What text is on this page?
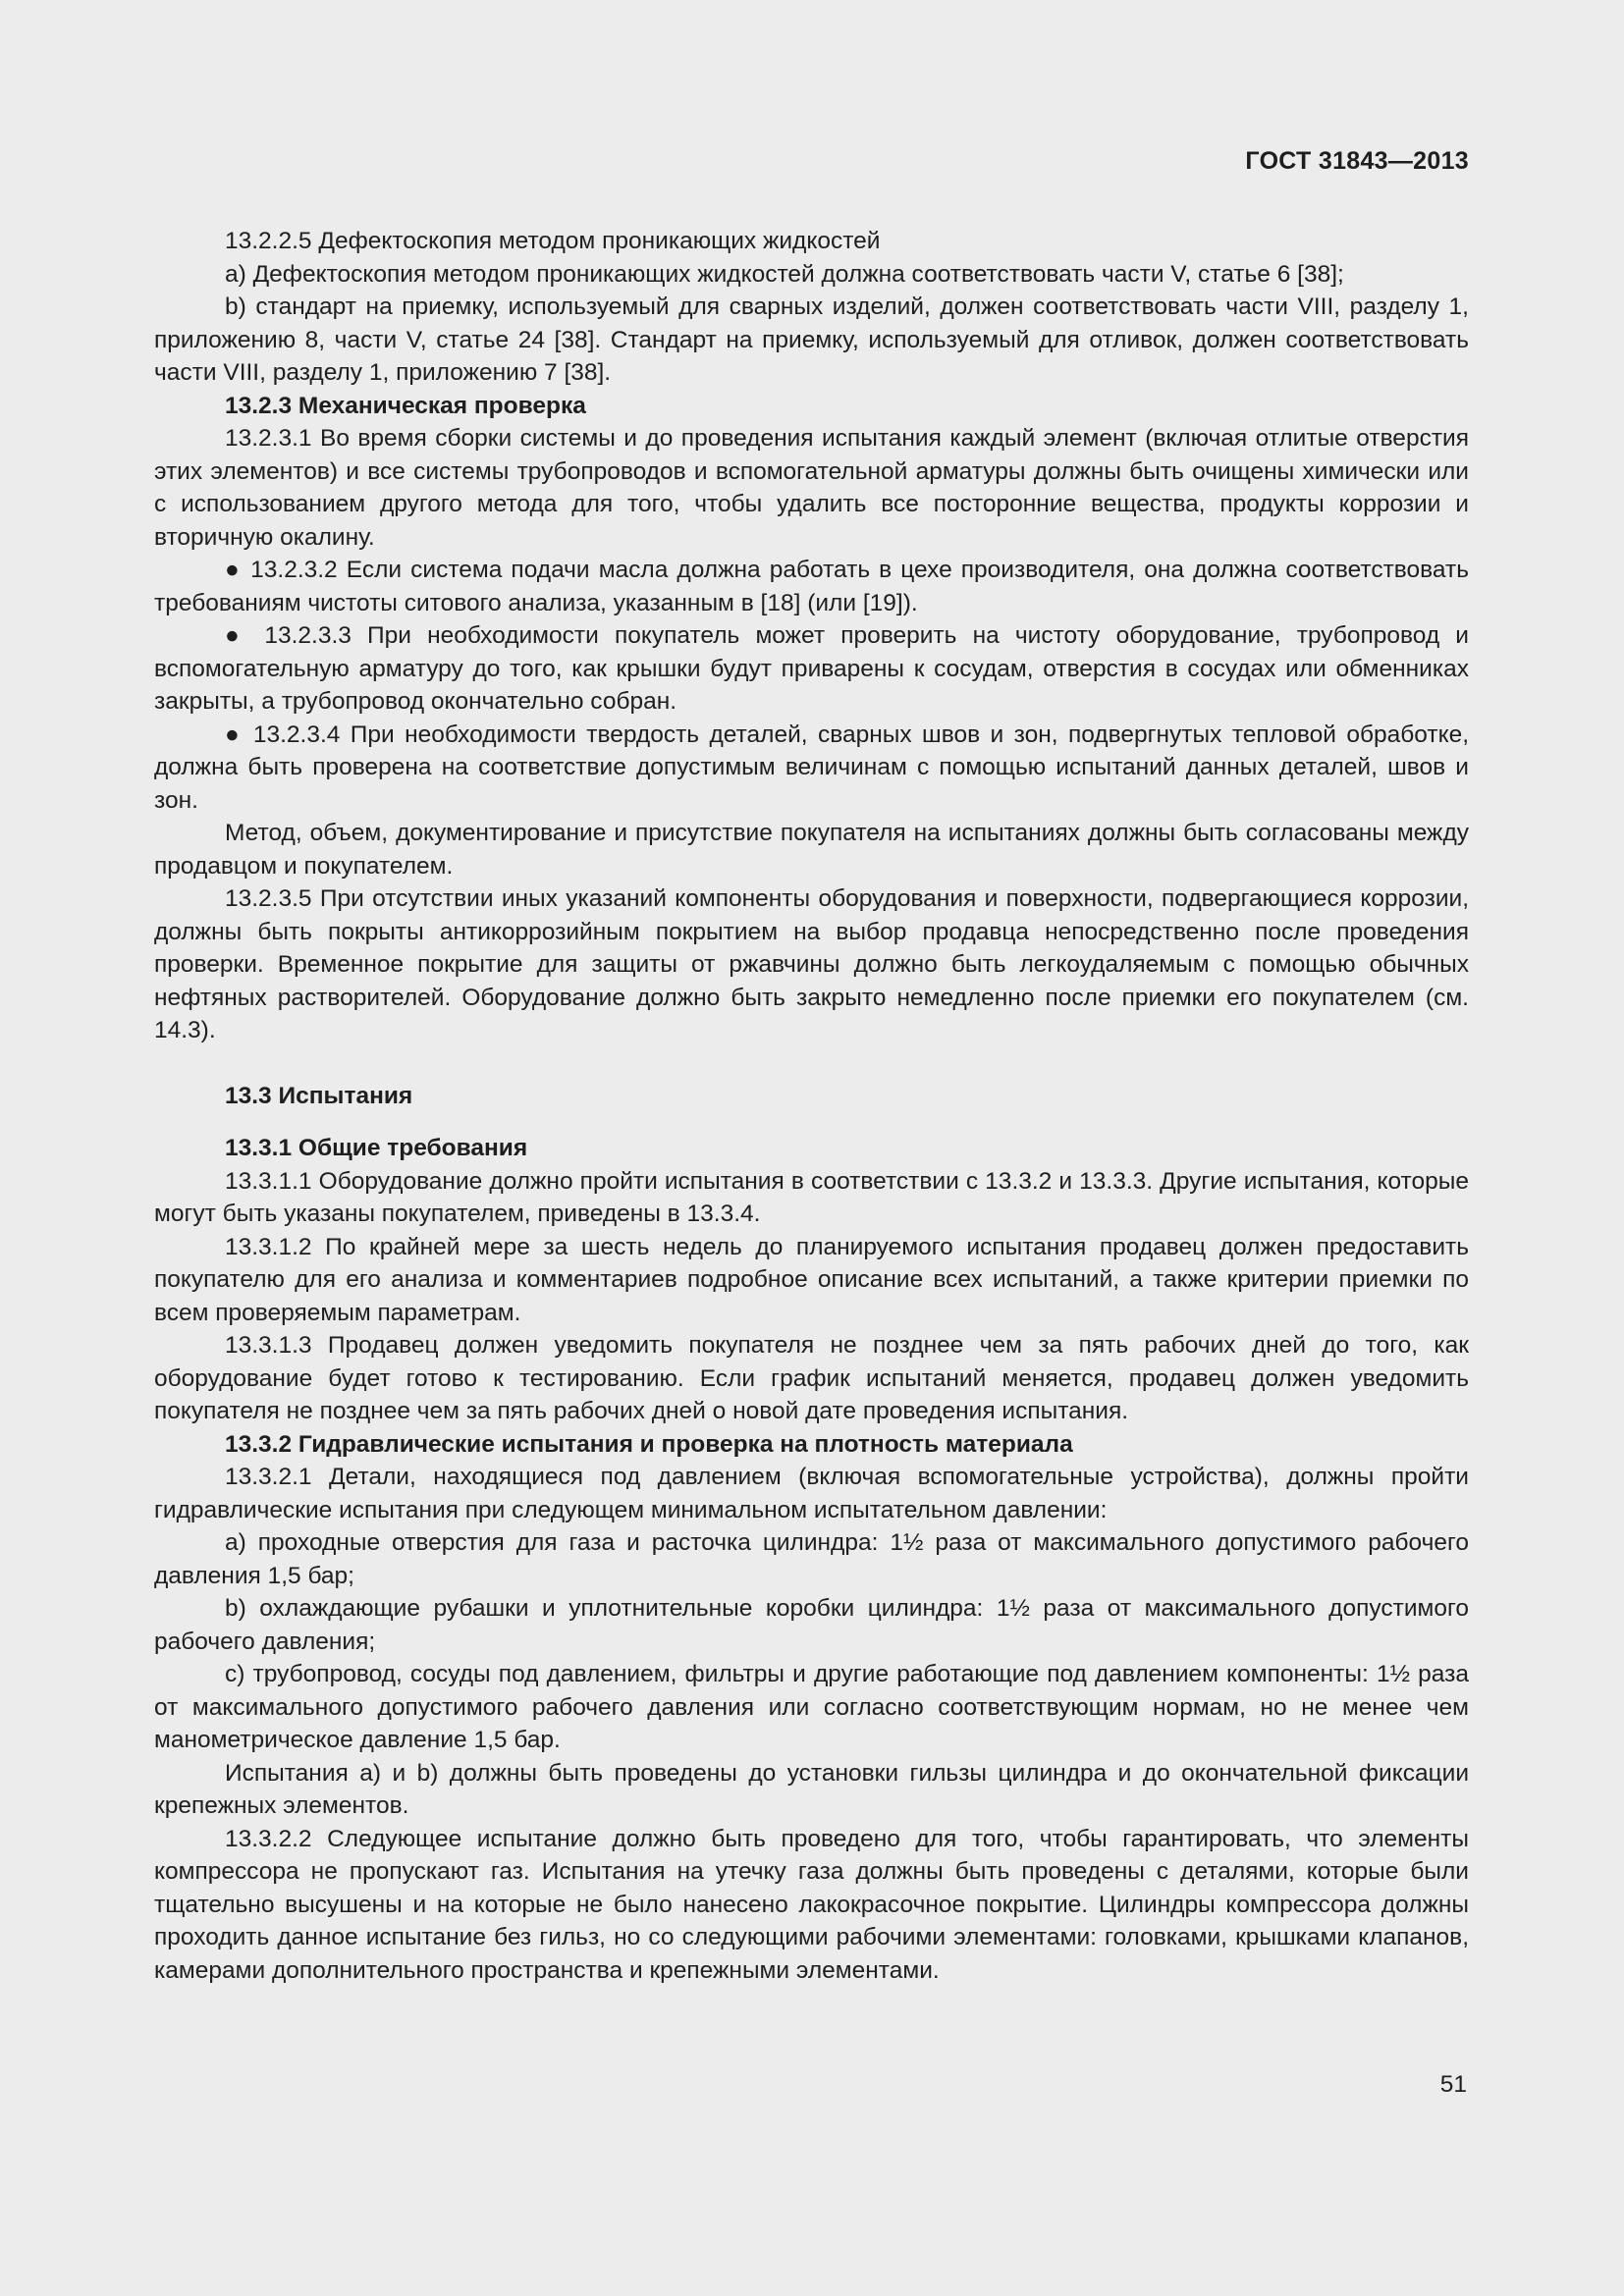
ГОСТ 31843—2013

13.2.2.5 Дефектоскопия методом проникающих жидкостей

a) Дефектоскопия методом проникающих жидкостей должна соответствовать части V, статье 6 [38];

b) стандарт на приемку, используемый для сварных изделий, должен соответствовать части VIII, разделу 1, приложению 8, части V, статье 24 [38]. Стандарт на приемку, используемый для отливок, должен соответствовать части VIII, разделу 1, приложению 7 [38].

13.2.3 Механическая проверка

13.2.3.1 Во время сборки системы и до проведения испытания каждый элемент (включая отлитые отверстия этих элементов) и все системы трубопроводов и вспомогательной арматуры должны быть очищены химически или с использованием другого метода для того, чтобы удалить все посторонние вещества, продукты коррозии и вторичную окалину.

● 13.2.3.2 Если система подачи масла должна работать в цехе производителя, она должна соответствовать требованиям чистоты ситового анализа, указанным в [18] (или [19]).

● 13.2.3.3 При необходимости покупатель может проверить на чистоту оборудование, трубопровод и вспомогательную арматуру до того, как крышки будут приварены к сосудам, отверстия в сосудах или обменниках закрыты, а трубопровод окончательно собран.

● 13.2.3.4 При необходимости твердость деталей, сварных швов и зон, подвергнутых тепловой обработке, должна быть проверена на соответствие допустимым величинам с помощью испытаний данных деталей, швов и зон.

Метод, объем, документирование и присутствие покупателя на испытаниях должны быть согласованы между продавцом и покупателем.

13.2.3.5 При отсутствии иных указаний компоненты оборудования и поверхности, подвергающиеся коррозии, должны быть покрыты антикоррозийным покрытием на выбор продавца непосредственно после проведения проверки. Временное покрытие для защиты от ржавчины должно быть легкоудаляемым с помощью обычных нефтяных растворителей. Оборудование должно быть закрыто немедленно после приемки его покупателем (см. 14.3).

13.3 Испытания

13.3.1 Общие требования

13.3.1.1 Оборудование должно пройти испытания в соответствии с 13.3.2 и 13.3.3. Другие испытания, которые могут быть указаны покупателем, приведены в 13.3.4.

13.3.1.2 По крайней мере за шесть недель до планируемого испытания продавец должен предоставить покупателю для его анализа и комментариев подробное описание всех испытаний, а также критерии приемки по всем проверяемым параметрам.

13.3.1.3 Продавец должен уведомить покупателя не позднее чем за пять рабочих дней до того, как оборудование будет готово к тестированию. Если график испытаний меняется, продавец должен уведомить покупателя не позднее чем за пять рабочих дней о новой дате проведения испытания.

13.3.2 Гидравлические испытания и проверка на плотность материала

13.3.2.1 Детали, находящиеся под давлением (включая вспомогательные устройства), должны пройти гидравлические испытания при следующем минимальном испытательном давлении:

a) проходные отверстия для газа и расточка цилиндра: 1½ раза от максимального допустимого рабочего давления 1,5 бар;

b) охлаждающие рубашки и уплотнительные коробки цилиндра: 1½ раза от максимального допустимого рабочего давления;

c) трубопровод, сосуды под давлением, фильтры и другие работающие под давлением компоненты: 1½ раза от максимального допустимого рабочего давления или согласно соответствующим нормам, но не менее чем манометрическое давление 1,5 бар.

Испытания a) и b) должны быть проведены до установки гильзы цилиндра и до окончательной фиксации крепежных элементов.

13.3.2.2 Следующее испытание должно быть проведено для того, чтобы гарантировать, что элементы компрессора не пропускают газ. Испытания на утечку газа должны быть проведены с деталями, которые были тщательно высушены и на которые не было нанесено лакокрасочное покрытие. Цилиндры компрессора должны проходить данное испытание без гильз, но со следующими рабочими элементами: головками, крышками клапанов, камерами дополнительного пространства и крепежными элементами.

51
